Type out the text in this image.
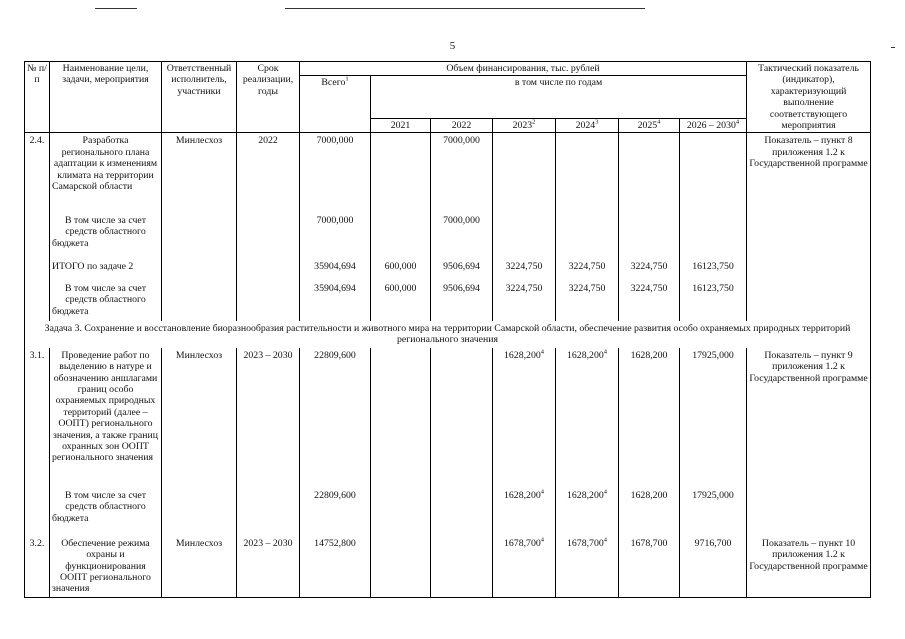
5
№ п/п	Наименование цели, задачи, мероприятия	Ответственный исполнитель, участники	Срок реализации, годы	Объем финансирования, тыс. рублей							Тактический показатель (индикатор), характеризующий выполнение соответствующего мероприятия
				Всего$^1$	в том числе по годам						
					2021	2022	2023$^2$	2024$^3$	2025$^4$	2026 – 2030$^4$
2.4.	Разработка регионального плана адаптации к изменениям климата на территории Самарской области	Минлесхоз	2022	7000,000		7000,000					Показатель – пункт 8 приложения 1.2 к Государственной программе
	В том числе за счет средств областного бюджета			7000,000		7000,000					
	ИТОГО по задаче 2			35904,694	600,000	9506,694	3224,750	3224,750	3224,750	16123,750	
	В том числе за счет средств областного бюджета			35904,694	600,000	9506,694	3224,750	3224,750	3224,750	16123,750	
Задача 3. Сохранение и восстановление биоразнообразия растительности и животного мира на территории Самарской области, обеспечение развития особо охраняемых природных территорий регионального значения											
3.1.	Проведение работ по выделению в натуре и обозначению аншлагами границ особо охраняемых природных территорий (далее – ООПТ) регионального значения, а также границ охранных зон ООПТ регионального значения	Минлесхоз	2023 – 2030	22809,600			1628,200$^4$	1628,200$^4$	1628,200	17925,000	Показатель – пункт 9 приложения 1.2 к Государственной программе
	В том числе за счет средств областного бюджета			22809,600			1628,200$^4$	1628,200$^4$	1628,200	17925,000	
3.2.	Обеспечение режима охраны и функционирования ООПТ регионального значения	Минлесхоз	2023 – 2030	14752,800			1678,700$^4$	1678,700$^4$	1678,700	9716,700	Показатель – пункт 10 приложения 1.2 к Государственной программе
